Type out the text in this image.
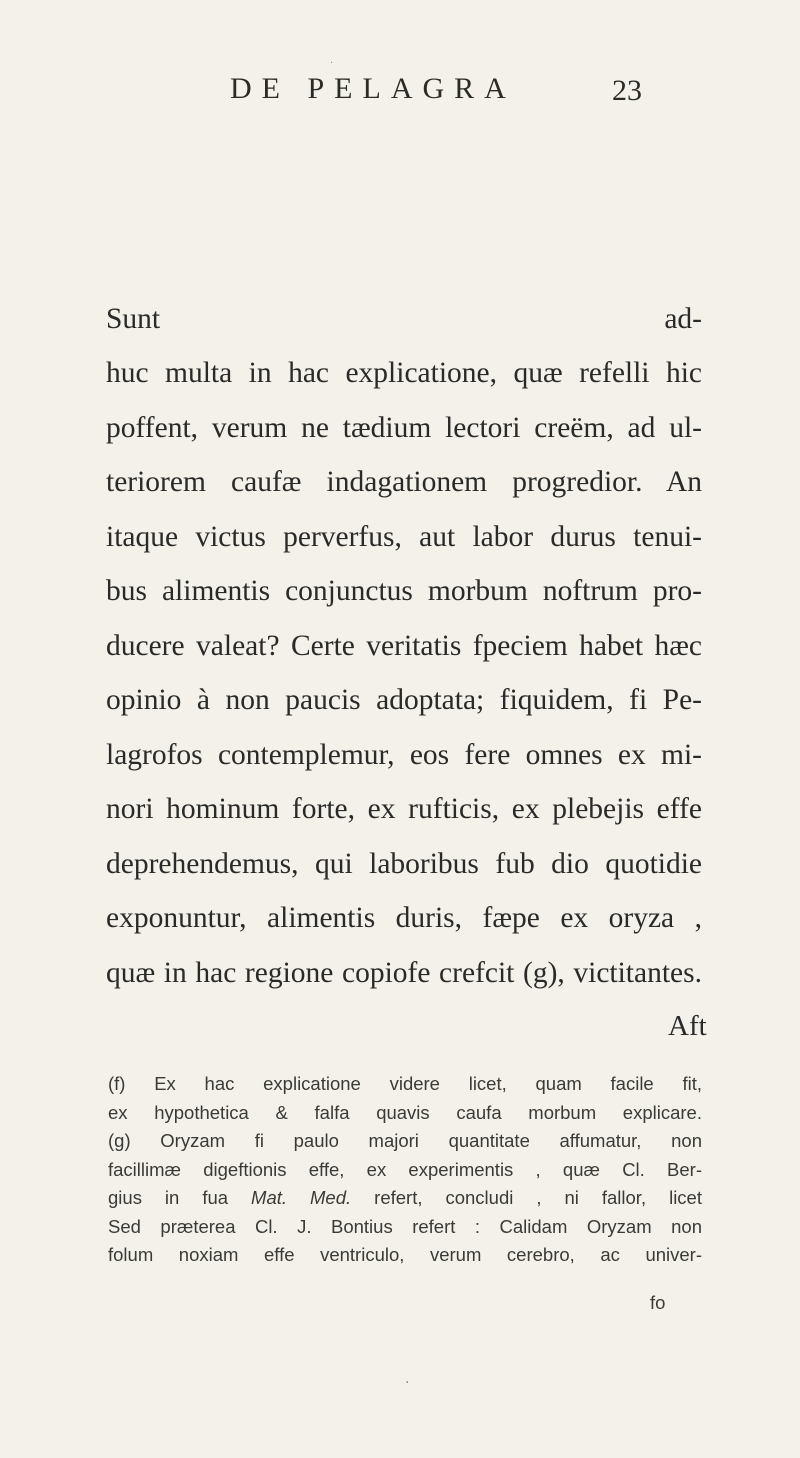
DE PELAGRA	23
Sunt ad-
huc multa in hac explicatione, quæ refelli hic
poffent, verum ne tædium lectori creëm, ad ul-
teriorem caufæ indagationem progredior. An
itaque victus perverfus, aut labor durus tenui-
bus alimentis conjunctus morbum noftrum pro-
ducere valeat? Certe veritatis fpeciem habet hæc
opinio à non paucis adoptata; fiquidem, fi Pe-
lagrofos contemplemur, eos fere omnes ex mi-
nori hominum forte, ex rufticis, ex plebejis effe
deprehendemus, qui laboribus fub dio quotidie
exponuntur, alimentis duris, fæpe ex oryza ,
quæ in hac regione copiofe crefcit (g), victitantes.
Aft
(f) Ex hac explicatione videre licet, quam facile fit,
ex hypothetica & falfa quavis caufa morbum explicare.
(g) Oryzam fi paulo majori quantitate affumatur, non
facillimæ digeftionis effe, ex experimentis , quæ Cl. Ber-
gius in fua Mat. Med. refert, concludi , ni fallor, licet
Sed præterea Cl. J. Bontius refert : Calidam Oryzam non
folum noxiam effe ventriculo, verum cerebro, ac univer-
fo
·
·
